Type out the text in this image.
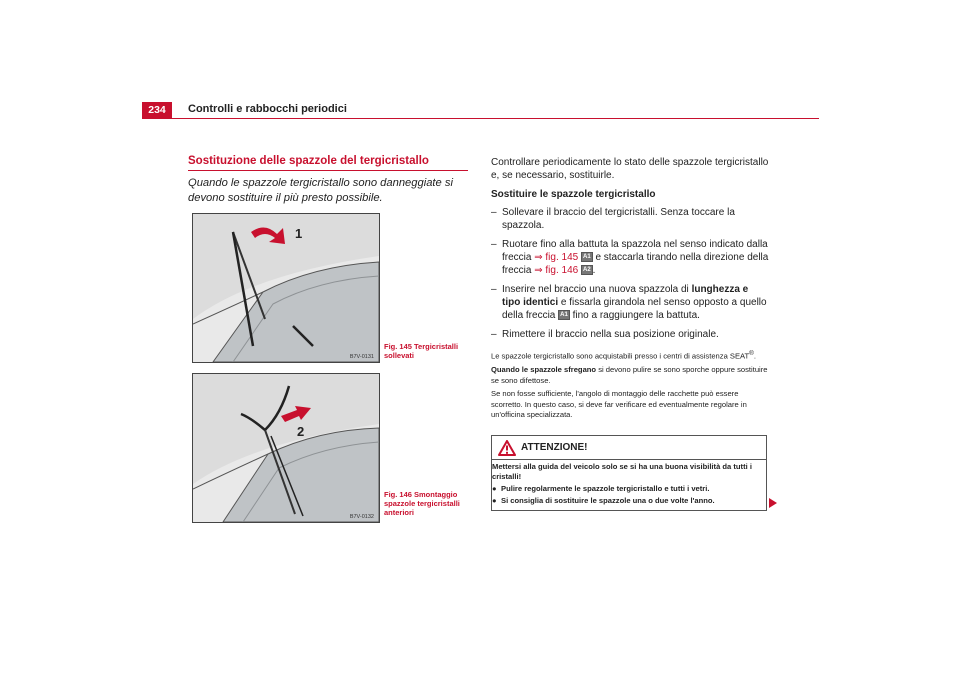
234	Controlli e rabbocchi periodici
Sostituzione delle spazzole del tergicristallo
Quando le spazzole tergicristallo sono danneggiate si devono sostituire il più presto possibile.
1
B7V-0131
Fig. 145 Tergicristalli sollevati
2
B7V-0132
Fig. 146 Smontaggio spazzole tergicristalli anteriori

Controllare periodicamente lo stato delle spazzole tergicristallo e, se necessario, sostituirle.

Sostituire le spazzole tergicristallo
– Sollevare il braccio del tergicristalli. Senza toccare la spazzola.
– Ruotare fino alla battuta la spazzola nel senso indicato dalla freccia ⇒ fig. 145 A1 e staccarla tirando nella direzione della freccia ⇒ fig. 146 A2 .
– Inserire nel braccio una nuova spazzola di lunghezza e tipo identici e fissarla girandola nel senso opposto a quello della freccia A1 fino a raggiungere la battuta.
– Rimettere il braccio nella sua posizione originale.
Le spazzole tergicristallo sono acquistabili presso i centri di assistenza SEAT®.
Quando le spazzole sfregano si devono pulire se sono sporche oppure sostituire se sono difettose.
Se non fosse sufficiente, l'angolo di montaggio delle racchette può essere scorretto. In questo caso, si deve far verificare ed eventualmente regolare in un'officina specializzata.
ATTENZIONE!
Mettersi alla guida del veicolo solo se si ha una buona visibilità da tutti i cristalli!
● Pulire regolarmente le spazzole tergicristallo e tutti i vetri.
● Si consiglia di sostituire le spazzole una o due volte l'anno.
